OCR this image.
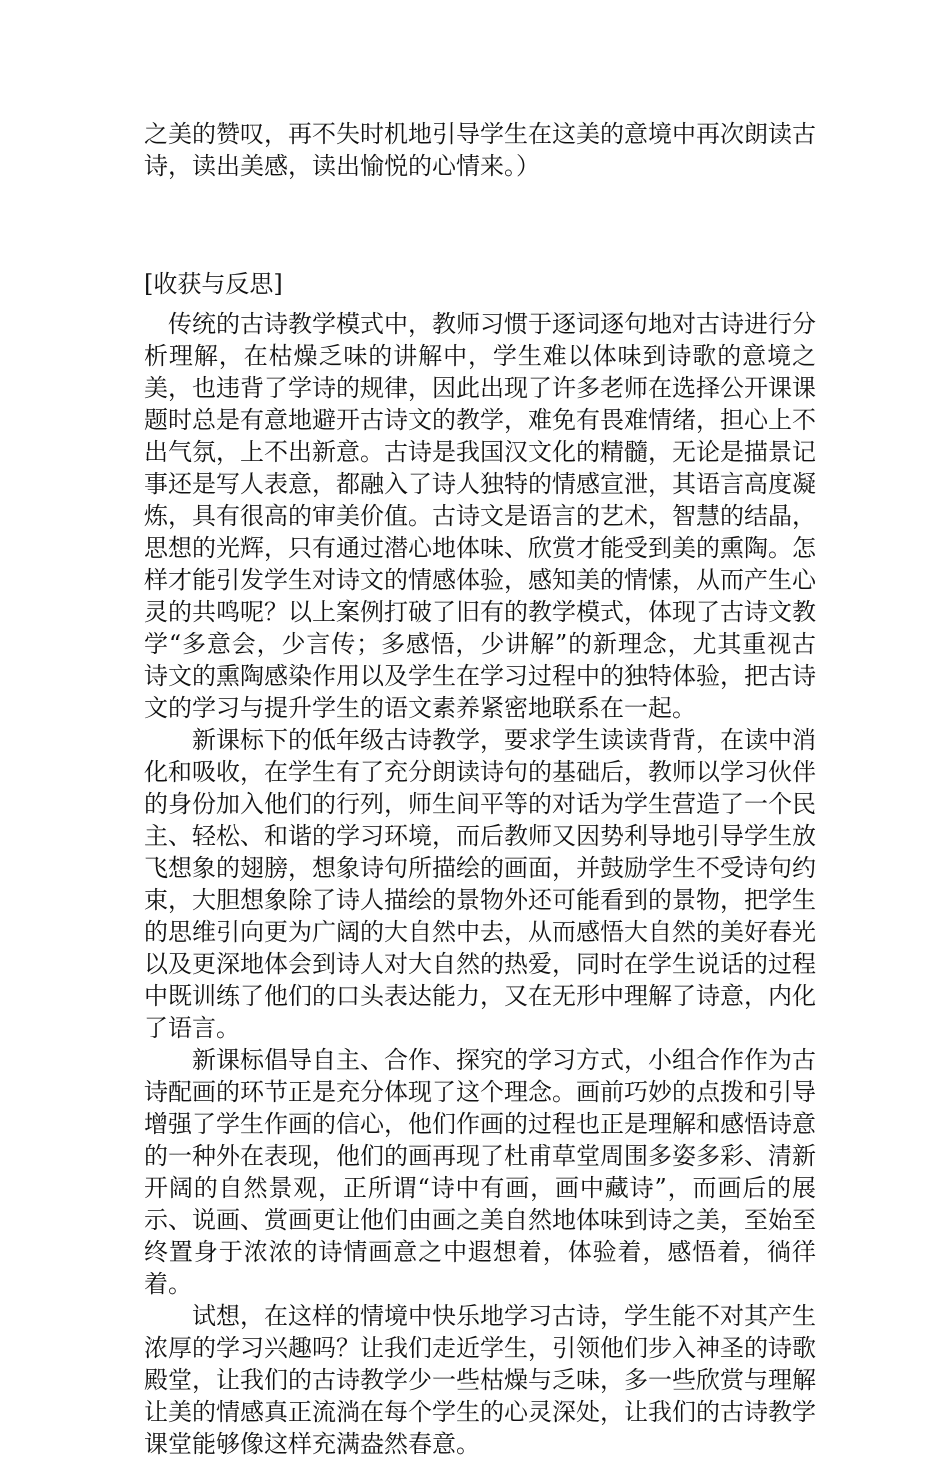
之美的赞叹，再不失时机地引导学生在这美的意境中再次朗读古诗，读出美感，读出愉悦的心情来。）

[收获与反思]

传统的古诗教学模式中，教师习惯于逐词逐句地对古诗进行分析理解，在枯燥乏味的讲解中，学生难以体味到诗歌的意境之美，也违背了学诗的规律，因此出现了许多老师在选择公开课课题时总是有意地避开古诗文的教学，难免有畏难情绪，担心上不出气氛，上不出新意。古诗是我国汉文化的精髓，无论是描景记事还是写人表意，都融入了诗人独特的情感宣泄，其语言高度凝炼，具有很高的审美价值。古诗文是语言的艺术，智慧的结晶，思想的光辉，只有通过潜心地体味、欣赏才能受到美的熏陶。怎样才能引发学生对诗文的情感体验，感知美的情愫，从而产生心灵的共鸣呢？以上案例打破了旧有的教学模式，体现了古诗文教学“多意会，少言传；多感悟，少讲解”的新理念，尤其重视古诗文的熏陶感染作用以及学生在学习过程中的独特体验，把古诗文的学习与提升学生的语文素养紧密地联系在一起。

新课标下的低年级古诗教学，要求学生读读背背，在读中消化和吸收，在学生有了充分朗读诗句的基础后，教师以学习伙伴的身份加入他们的行列，师生间平等的对话为学生营造了一个民主、轻松、和谐的学习环境，而后教师又因势利导地引导学生放飞想象的翅膀，想象诗句所描绘的画面，并鼓励学生不受诗句约束，大胆想象除了诗人描绘的景物外还可能看到的景物，把学生的思维引向更为广阔的大自然中去，从而感悟大自然的美好春光以及更深地体会到诗人对大自然的热爱，同时在学生说话的过程中既训练了他们的口头表达能力，又在无形中理解了诗意，内化了语言。

新课标倡导自主、合作、探究的学习方式，小组合作作为古诗配画的环节正是充分体现了这个理念。画前巧妙的点拨和引导增强了学生作画的信心，他们作画的过程也正是理解和感悟诗意的一种外在表现，他们的画再现了杜甫草堂周围多姿多彩、清新开阔的自然景观，正所谓“诗中有画，画中藏诗”，而画后的展示、说画、赏画更让他们由画之美自然地体味到诗之美，至始至终置身于浓浓的诗情画意之中遐想着，体验着，感悟着，徜徉着。

试想，在这样的情境中快乐地学习古诗，学生能不对其产生浓厚的学习兴趣吗？让我们走近学生，引领他们步入神圣的诗歌殿堂，让我们的古诗教学少一些枯燥与乏味，多一些欣赏与理解让美的情感真正流淌在每个学生的心灵深处，让我们的古诗教学课堂能够像这样充满盎然春意。
